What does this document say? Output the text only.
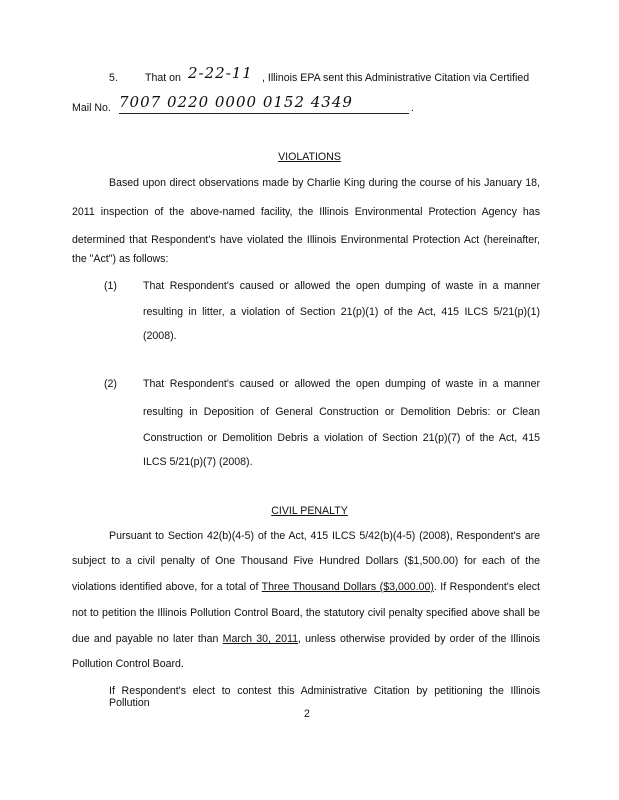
5.	That on 2-22-11 , Illinois EPA sent this Administrative Citation via Certified
Mail No. 7007 0220 0000 0152 4349	.
VIOLATIONS
Based upon direct observations made by Charlie King during the course of his January 18,
2011 inspection of the above-named facility, the Illinois Environmental Protection Agency has
determined that Respondent's have violated the Illinois Environmental Protection Act (hereinafter,
the "Act") as follows:
(1) That Respondent's caused or allowed the open dumping of waste in a manner
resulting in litter, a violation of Section 21(p)(1) of the Act, 415 ILCS 5/21(p)(1)
(2008).
(2) That Respondent's caused or allowed the open dumping of waste in a manner
resulting in Deposition of General Construction or Demolition Debris: or Clean
Construction or Demolition Debris a violation of Section 21(p)(7) of the Act, 415
ILCS 5/21(p)(7) (2008).
CIVIL PENALTY
Pursuant to Section 42(b)(4-5) of the Act, 415 ILCS 5/42(b)(4-5) (2008), Respondent's are
subject to a civil penalty of One Thousand Five Hundred Dollars ($1,500.00) for each of the
violations identified above, for a total of Three Thousand Dollars ($3,000.00). If Respondent's elect
not to petition the Illinois Pollution Control Board, the statutory civil penalty specified above shall be
due and payable no later than March 30, 2011, unless otherwise provided by order of the Illinois
Pollution Control Board.
If Respondent's elect to contest this Administrative Citation by petitioning the Illinois Pollution
2
